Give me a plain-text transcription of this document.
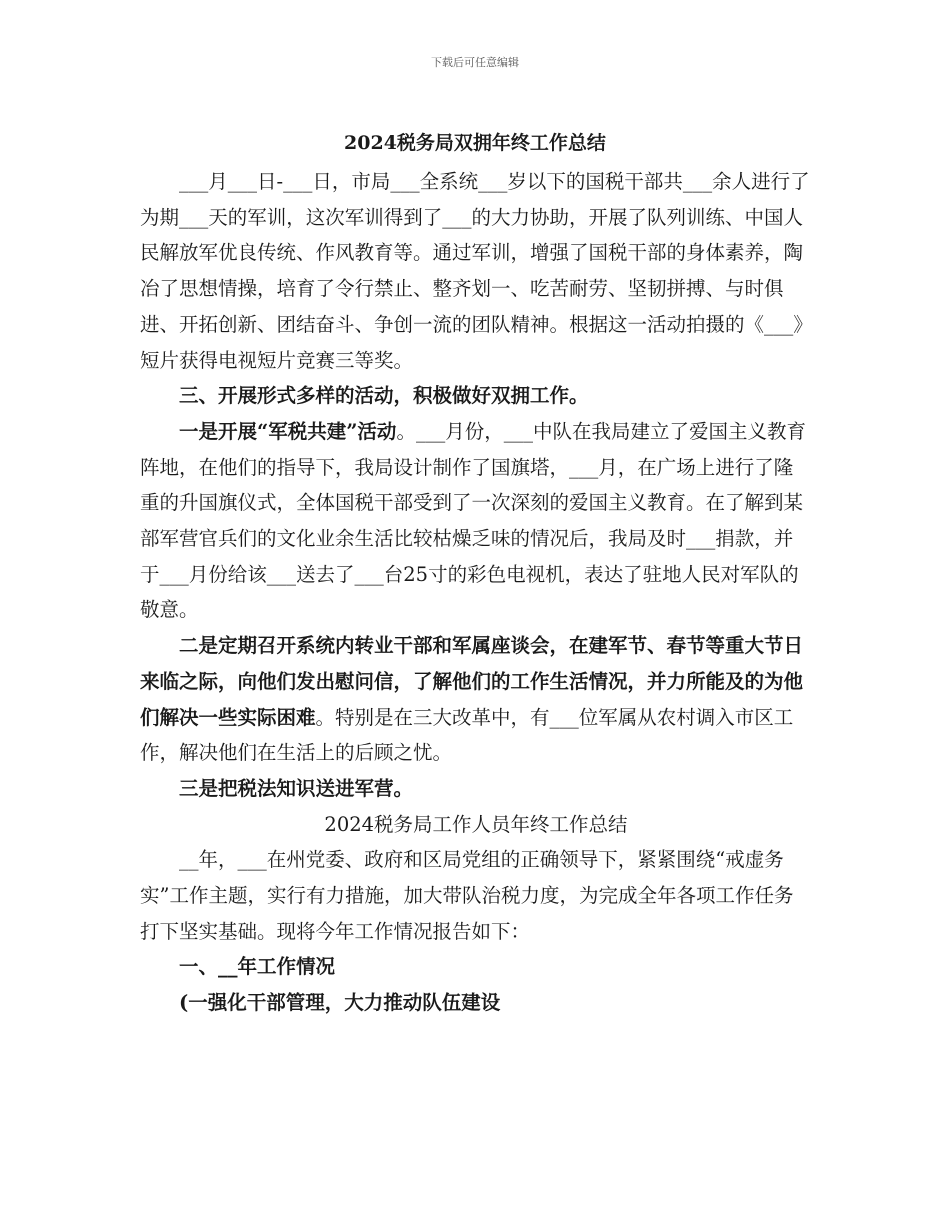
下载后可任意编辑
2024税务局双拥年终工作总结

___月___日-___日，市局___全系统___岁以下的国税干部共___余人进行了为期___天的军训，这次军训得到了___的大力协助，开展了队列训练、中国人民解放军优良传统、作风教育等。通过军训，增强了国税干部的身体素养，陶冶了思想情操，培育了令行禁止、整齐划一、吃苦耐劳、坚韧拼搏、与时俱进、开拓创新、团结奋斗、争创一流的团队精神。根据这一活动拍摄的《___》短片获得电视短片竞赛三等奖。

三、开展形式多样的活动，积极做好双拥工作。

一是开展“军税共建”活动。___月份，___中队在我局建立了爱国主义教育阵地，在他们的指导下，我局设计制作了国旗塔，___月，在广场上进行了隆重的升国旗仪式，全体国税干部受到了一次深刻的爱国主义教育。在了解到某部军营官兵们的文化业余生活比较枯燥乏味的情况后，我局及时___捐款，并于___月份给该___送去了___台25寸的彩色电视机，表达了驻地人民对军队的敬意。

二是定期召开系统内转业干部和军属座谈会，在建军节、春节等重大节日来临之际，向他们发出慰问信，了解他们的工作生活情况，并力所能及的为他们解决一些实际困难。特别是在三大改革中，有___位军属从农村调入市区工作，解决他们在生活上的后顾之忧。

三是把税法知识送进军营。

2024税务局工作人员年终工作总结

__年，___在州党委、政府和区局党组的正确领导下，紧紧围绕“戒虚务实”工作主题，实行有力措施，加大带队治税力度，为完成全年各项工作任务打下坚实基础。现将今年工作情况报告如下：

一、__年工作情况

(一强化干部管理，大力推动队伍建设
